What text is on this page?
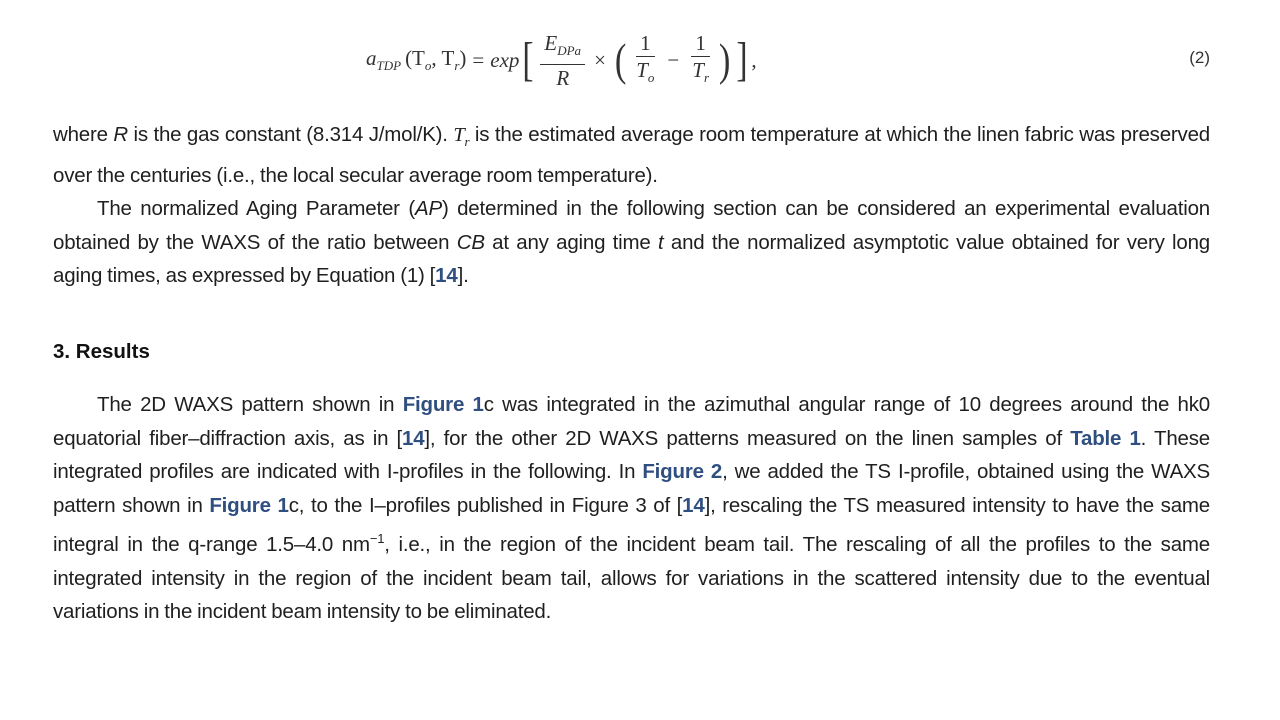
$a_{TDP}$ ($T_o$, $T_r) = \exp$ [ $\frac{E_{DPa}}{R}$ × ( $\frac{1}{T_o} - \frac{1}{T_r}$ ) ] ,	(2)

where R is the gas constant (8.314 J/mol/K). $T_r$ is the estimated average room temperature at which the linen fabric was preserved over the centuries (i.e., the local secular average room temperature).

The normalized Aging Parameter (AP) determined in the following section can be considered an experimental evaluation obtained by the WAXS of the ratio between CB at any aging time t and the normalized asymptotic value obtained for very long aging times, as expressed by Equation (1) [14].

3. Results

The 2D WAXS pattern shown in Figure 1c was integrated in the azimuthal angular range of 10 degrees around the hk0 equatorial fiber–diffraction axis, as in [14], for the other 2D WAXS patterns measured on the linen samples of Table 1. These integrated profiles are indicated with I-profiles in the following. In Figure 2, we added the TS I-profile, obtained using the WAXS pattern shown in Figure 1c, to the I–profiles published in Figure 3 of [14], rescaling the TS measured intensity to have the same integral in the q-range 1.5–4.0 $nm^{-1}$, i.e., in the region of the incident beam tail. The rescaling of all the profiles to the same integrated intensity in the region of the incident beam tail, allows for variations in the scattered intensity due to the eventual variations in the incident beam intensity to be eliminated.
